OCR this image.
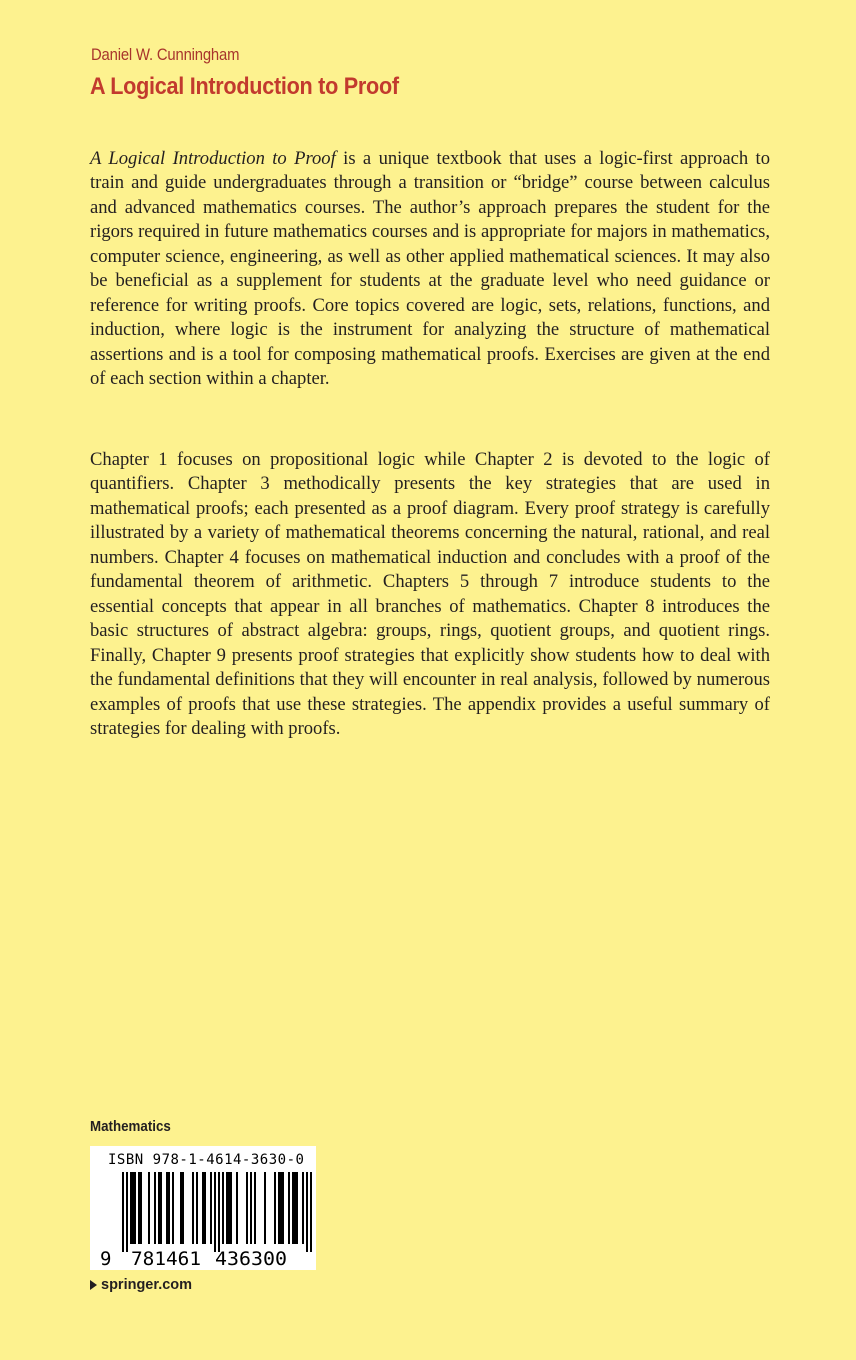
Daniel W. Cunningham
A Logical Introduction to Proof

A Logical Introduction to Proof is a unique textbook that uses a logic-first approach to train and guide undergraduates through a transition or “bridge” course between calculus and advanced mathematics courses. The author’s approach prepares the student for the rigors required in future mathematics courses and is appropriate for majors in mathematics, computer science, engineering, as well as other applied mathematical sciences. It may also be beneficial as a supplement for students at the graduate level who need guidance or reference for writing proofs. Core topics covered are logic, sets, relations, functions, and induction, where logic is the instrument for analyzing the structure of mathematical assertions and is a tool for composing mathematical proofs. Exercises are given at the end of each section within a chapter.

Chapter 1 focuses on propositional logic while Chapter 2 is devoted to the logic of quantifiers. Chapter 3 methodically presents the key strategies that are used in mathematical proofs; each presented as a proof diagram. Every proof strategy is carefully illustrated by a variety of mathematical theorems concerning the natural, rational, and real numbers. Chapter 4 focuses on mathematical induction and concludes with a proof of the fundamental theorem of arithmetic. Chapters 5 through 7 introduce students to the essential concepts that appear in all branches of mathematics. Chapter 8 introduces the basic structures of abstract algebra: groups, rings, quotient groups, and quotient rings. Finally, Chapter 9 presents proof strategies that explicitly show students how to deal with the fundamental definitions that they will encounter in real analysis, followed by numerous examples of proofs that use these strategies. The appendix provides a useful summary of strategies for dealing with proofs.

Mathematics
ISBN 978-1-4614-3630-0
9 781461 436300
springer.com
